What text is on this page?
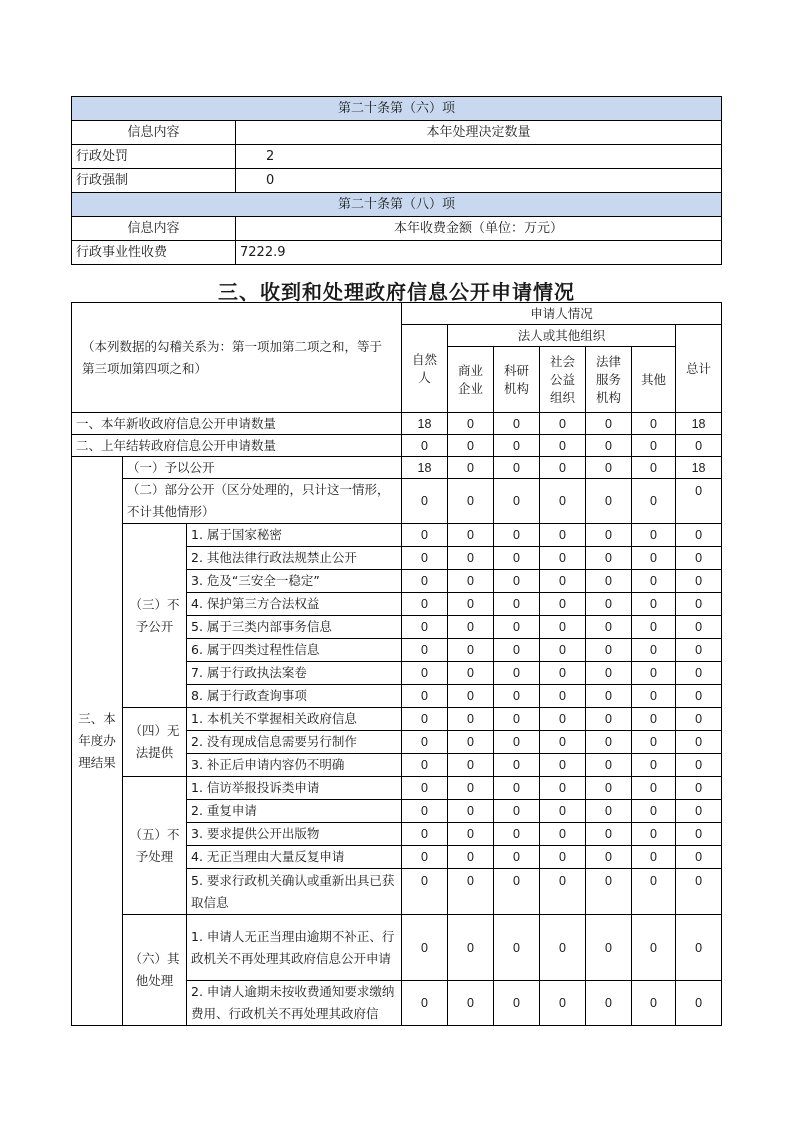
第二十条第（六）项	
信息内容	本年处理决定数量
行政处罚	2
行政强制	0
第二十条第（八）项	
信息内容	本年收费金额（单位：万元）
行政事业性收费	7222.9
三、收到和处理政府信息公开申请情况
（本列数据的勾稽关系为：第一项加第二项之和，等于第三项加第四项之和）			申请人情况						
			自然人	法人或其他组织					总计
				商业企业	科研机构	社会公益组织	法律服务机构	其他	
一、本年新收政府信息公开申请数量			18	0	0	0	0	0	18
二、上年结转政府信息公开申请数量			0	0	0	0	0	0	0
三、本年度办理结果	（一）予以公开		18	0	0	0	0	0	18
	（二）部分公开（区分处理的，只计这一情形，不计其他情形）		0	0	0	0	0	0	0
	（三）不予公开	1. 属于国家秘密	0	0	0	0	0	0	0
		2. 其他法律行政法规禁止公开	0	0	0	0	0	0	0
		3. 危及“三安全一稳定”	0	0	0	0	0	0	0
		4. 保护第三方合法权益	0	0	0	0	0	0	0
		5. 属于三类内部事务信息	0	0	0	0	0	0	0
		6. 属于四类过程性信息	0	0	0	0	0	0	0
		7. 属于行政执法案卷	0	0	0	0	0	0	0
		8. 属于行政查询事项	0	0	0	0	0	0	0
	（四）无法提供	1. 本机关不掌握相关政府信息	0	0	0	0	0	0	0
		2. 没有现成信息需要另行制作	0	0	0	0	0	0	0
		3. 补正后申请内容仍不明确	0	0	0	0	0	0	0
	（五）不予处理	1. 信访举报投诉类申请	0	0	0	0	0	0	0
		2. 重复申请	0	0	0	0	0	0	0
		3. 要求提供公开出版物	0	0	0	0	0	0	0
		4. 无正当理由大量反复申请	0	0	0	0	0	0	0
		5. 要求行政机关确认或重新出具已获取信息	0	0	0	0	0	0	0
	（六）其他处理	1. 申请人无正当理由逾期不补正、行政机关不再处理其政府信息公开申请	0	0	0	0	0	0	0
		2. 申请人逾期未按收费通知要求缴纳费用、行政机关不再处理其政府信	0	0	0	0	0	0	0
